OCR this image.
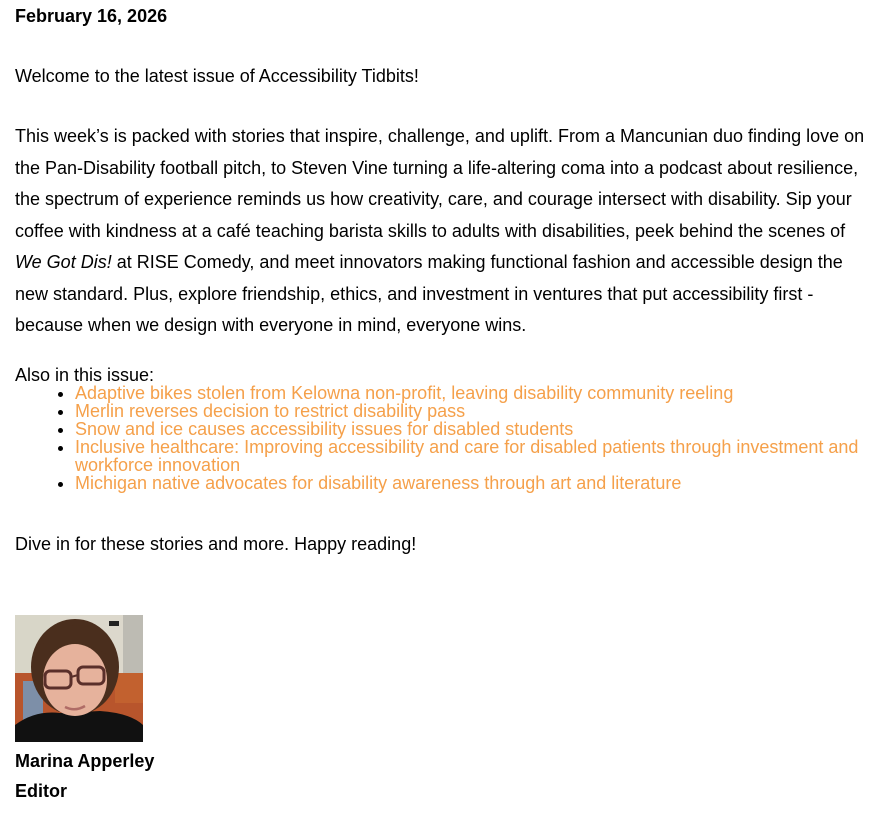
February 16, 2026
Welcome to the latest issue of Accessibility Tidbits!

This week’s is packed with stories that inspire, challenge, and uplift. From a Mancunian duo finding love on the Pan-Disability football pitch, to Steven Vine turning a life-altering coma into a podcast about resilience, the spectrum of experience reminds us how creativity, care, and courage intersect with disability. Sip your coffee with kindness at a café teaching barista skills to adults with disabilities, peek behind the scenes of We Got Dis! at RISE Comedy, and meet innovators making functional fashion and accessible design the new standard. Plus, explore friendship, ethics, and investment in ventures that put accessibility first - because when we design with everyone in mind, everyone wins.

Also in this issue:
• Adaptive bikes stolen from Kelowna non-profit, leaving disability community reeling
• Merlin reverses decision to restrict disability pass
• Snow and ice causes accessibility issues for disabled students
• Inclusive healthcare: Improving accessibility and care for disabled patients through investment and workforce innovation
• Michigan native advocates for disability awareness through art and literature
Dive in for these stories and more. Happy reading!
Marina Apperley
Editor
